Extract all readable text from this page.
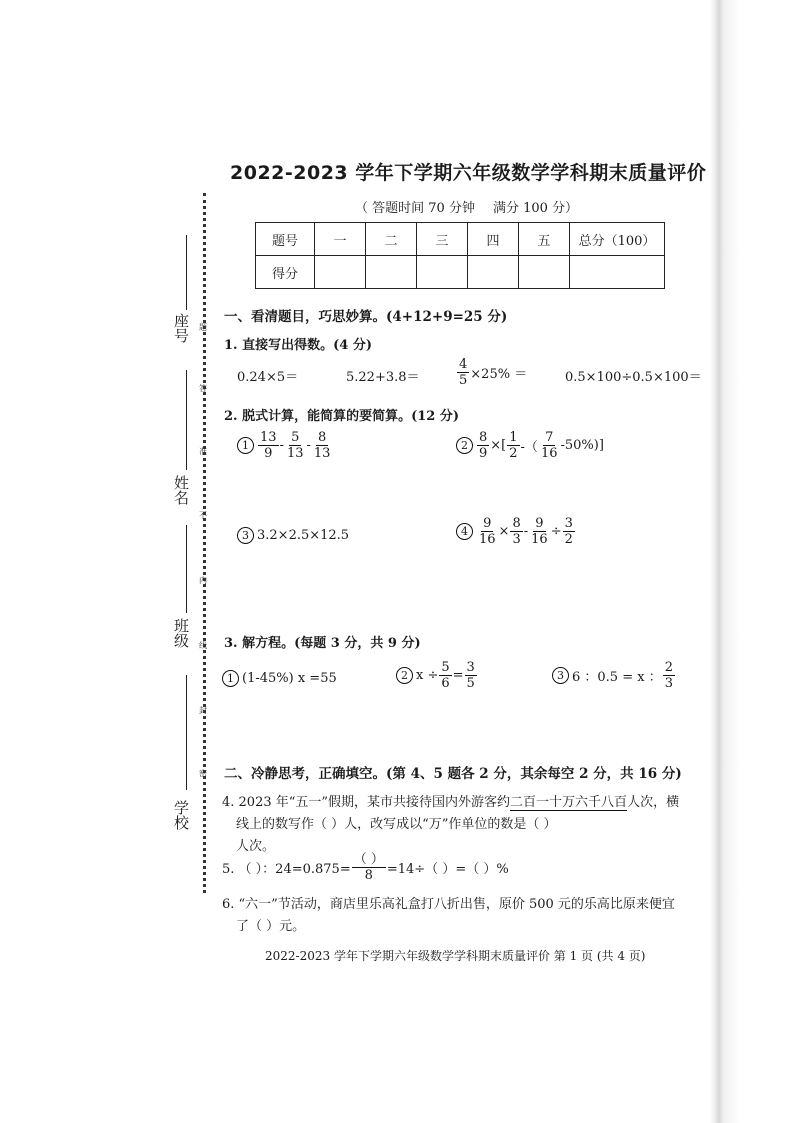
2022-2023 学年下学期六年级数学学科期末质量评价
（ 答题时间 70 分钟 满分 100 分）
题号	一	二	三	四	五	总分（100）
得分						
座号
姓名
班级
学校
题
答
准
不
内
线
封
密
一、看清题目，巧思妙算。(4+12+9=25 分)
1. 直接写出得数。(4 分)
0.24×5＝	5.22+3.8＝	$\frac{4}{5} \times 25\%$ ＝	0.5×100÷0.5×100＝
2. 脱式计算，能简算的要简算。(12 分)
$1 \frac{13}{9} - \frac{5}{13} - \frac{8}{13}$	$2 \frac{8}{9}$ ×[ $\frac{1}{2}$ -（ $\frac{7}{16} -50\%$)]
3 3.2×2.5×12.5	$4 \frac{9}{16} \times \frac{8}{3} - \frac{9}{16} \div \frac{3}{2}$
3. 解方程。(每题 3 分，共 9 分)
1 (1-45%) x =55	2 $x \div \frac{5}{6} = \frac{3}{5}$	3 6 ：0.5 = x ： $\frac{2}{3}$
二、冷静思考，正确填空。(第 4、5 题各 2 分，其余每空 2 分，共 16 分)
4. 2023 年“五一”假期，某市共接待国内外游客约二百一十万六千八百人次，横
线上的数写作（ ）人，改写成以“万”作单位的数是（ ）
人次。
5. （ ）：$24=0.875= \frac{( )}{8} =14\div$（ ）=（ ）%
6. “六一”节活动，商店里乐高礼盒打八折出售，原价 500 元的乐高比原来便宜
了（ ）元。
2022-2023 学年下学期六年级数学学科期末质量评价 第 1 页 (共 4 页)
